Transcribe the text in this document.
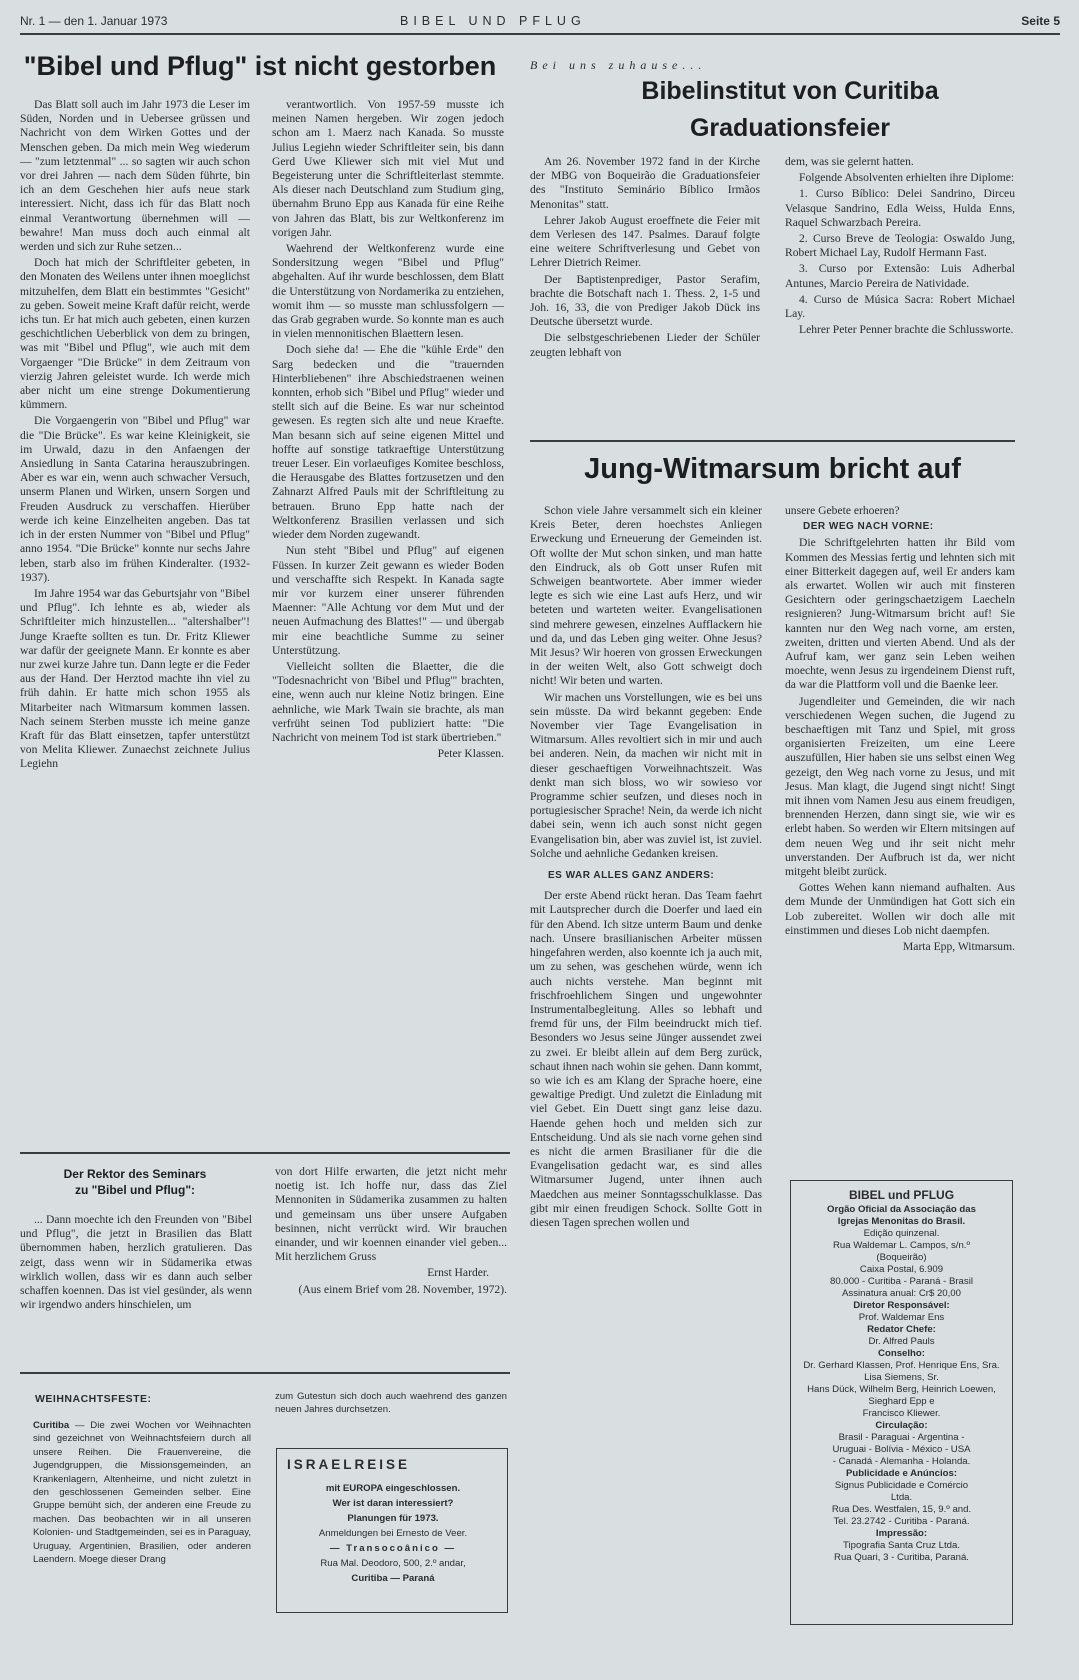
Nr. 1 — den 1. Januar 1973	BIBEL UND PFLUG	Seite 5
"Bibel und Pflug" ist nicht gestorben

Das Blatt soll auch im Jahr 1973 die Leser im Süden, Norden und in Uebersee grüssen und Nachricht von dem Wirken Gottes und der Menschen geben. Da mich mein Weg wiederum — "zum letztenmal" ... so sagten wir auch schon vor drei Jahren — nach dem Süden führte, bin ich an dem Geschehen hier aufs neue stark interessiert. Nicht, dass ich für das Blatt noch einmal Verantwortung übernehmen will — bewahre! Man muss doch auch einmal alt werden und sich zur Ruhe setzen...

Doch hat mich der Schriftleiter gebeten, in den Monaten des Weilens unter ihnen moeglichst mitzuhelfen, dem Blatt ein bestimmtes "Gesicht" zu geben. Soweit meine Kraft dafür reicht, werde ichs tun. Er hat mich auch gebeten, einen kurzen geschichtlichen Ueberblick von dem zu bringen, was mit "Bibel und Pflug", wie auch mit dem Vorgaenger "Die Brücke" in dem Zeitraum von vierzig Jahren geleistet wurde. Ich werde mich aber nicht um eine strenge Dokumentierung kümmern.

Die Vorgaengerin von "Bibel und Pflug" war die "Die Brücke". Es war keine Kleinigkeit, sie im Urwald, dazu in den Anfaengen der Ansiedlung in Santa Catarina herauszubringen. Aber es war ein, wenn auch schwacher Versuch, unserm Planen und Wirken, unsern Sorgen und Freuden Ausdruck zu verschaffen. Hierüber werde ich keine Einzelheiten angeben. Das tat ich in der ersten Nummer von "Bibel und Pflug" anno 1954. "Die Brücke" konnte nur sechs Jahre leben, starb also im frühen Kinderalter. (1932-1937).

Im Jahre 1954 war das Geburtsjahr von "Bibel und Pflug". Ich lehnte es ab, wieder als Schriftleiter mich hinzustellen... "altershalber"! Junge Kraefte sollten es tun. Dr. Fritz Kliewer war dafür der geeignete Mann. Er konnte es aber nur zwei kurze Jahre tun. Dann legte er die Feder aus der Hand. Der Herztod machte ihn viel zu früh dahin. Er hatte mich schon 1955 als Mitarbeiter nach Witmarsum kommen lassen. Nach seinem Sterben musste ich meine ganze Kraft für das Blatt einsetzen, tapfer unterstützt von Melita Kliewer. Zunaechst zeichnete Julius Legiehn

verantwortlich. Von 1957-59 musste ich meinen Namen hergeben. Wir zogen jedoch schon am 1. Maerz nach Kanada. So musste Julius Legiehn wieder Schriftleiter sein, bis dann Gerd Uwe Kliewer sich mit viel Mut und Begeisterung unter die Schriftleiterlast stemmte. Als dieser nach Deutschland zum Studium ging, übernahm Bruno Epp aus Kanada für eine Reihe von Jahren das Blatt, bis zur Weltkonferenz im vorigen Jahr.

Waehrend der Weltkonferenz wurde eine Sondersitzung wegen "Bibel und Pflug" abgehalten. Auf ihr wurde beschlossen, dem Blatt die Unterstützung von Nordamerika zu entziehen, womit ihm — so musste man schlussfolgern — das Grab gegraben wurde. So konnte man es auch in vielen mennonitischen Blaettern lesen.

Doch siehe da! — Ehe die "kühle Erde" den Sarg bedecken und die "trauernden Hinterbliebenen" ihre Abschiedstraenen weinen konnten, erhob sich "Bibel und Pflug" wieder und stellt sich auf die Beine. Es war nur scheintod gewesen. Es regten sich alte und neue Kraefte. Man besann sich auf seine eigenen Mittel und hoffte auf sonstige tatkraeftige Unterstützung treuer Leser. Ein vorlaeufiges Komitee beschloss, die Herausgabe des Blattes fortzusetzen und den Zahnarzt Alfred Pauls mit der Schriftleitung zu betrauen. Bruno Epp hatte nach der Weltkonferenz Brasilien verlassen und sich wieder dem Norden zugewandt.

Nun steht "Bibel und Pflug" auf eigenen Füssen. In kurzer Zeit gewann es wieder Boden und verschaffte sich Respekt. In Kanada sagte mir vor kurzem einer unserer führenden Maenner: "Alle Achtung vor dem Mut und der neuen Aufmachung des Blattes!" — und übergab mir eine beachtliche Summe zu seiner Unterstützung.

Vielleicht sollten die Blaetter, die die "Todesnachricht von 'Bibel und Pflug'" brachten, eine, wenn auch nur kleine Notiz bringen. Eine aehnliche, wie Mark Twain sie brachte, als man verfrüht seinen Tod publiziert hatte: "Die Nachricht von meinem Tod ist stark übertrieben."

Peter Klassen.

Bei uns zuhause...
Bibelinstitut von Curitiba
Graduationsfeier

Am 26. November 1972 fand in der Kirche der MBG von Boqueirão die Graduationsfeier des "Instituto Seminário Bíblico Irmãos Menonitas" statt.

Lehrer Jakob August eroeffnete die Feier mit dem Verlesen des 147. Psalmes. Darauf folgte eine weitere Schriftverlesung und Gebet von Lehrer Dietrich Reimer.

Der Baptistenprediger, Pastor Serafim, brachte die Botschaft nach 1. Thess. 2, 1-5 und Joh. 16, 33, die von Prediger Jakob Dück ins Deutsche übersetzt wurde.

Die selbstgeschriebenen Lieder der Schüler zeugten lebhaft von

dem, was sie gelernt hatten.

Folgende Absolventen erhielten ihre Diplome:

1. Curso Bíblico: Delei Sandrino, Dirceu Velasque Sandrino, Edla Weiss, Hulda Enns, Raquel Schwarzbach Pereira.

2. Curso Breve de Teologia: Oswaldo Jung, Robert Michael Lay, Rudolf Hermann Fast.

3. Curso por Extensão: Luis Adherbal Antunes, Marcio Pereira de Natividade.

4. Curso de Música Sacra: Robert Michael Lay.

Lehrer Peter Penner brachte die Schlussworte.

Jung-Witmarsum bricht auf

Schon viele Jahre versammelt sich ein kleiner Kreis Beter, deren hoechstes Anliegen Erweckung und Erneuerung der Gemeinden ist. Oft wollte der Mut schon sinken, und man hatte den Eindruck, als ob Gott unser Rufen mit Schweigen beantwortete. Aber immer wieder legte es sich wie eine Last aufs Herz, und wir beteten und warteten weiter. Evangelisationen sind mehrere gewesen, einzelnes Aufflackern hie und da, und das Leben ging weiter. Ohne Jesus? Mit Jesus? Wir hoeren von grossen Erweckungen in der weiten Welt, also Gott schweigt doch nicht! Wir beten und warten.

Wir machen uns Vorstellungen, wie es bei uns sein müsste. Da wird bekannt gegeben: Ende November vier Tage Evangelisation in Witmarsum. Alles revoltiert sich in mir und auch bei anderen. Nein, da machen wir nicht mit in dieser geschaeftigen Vorweihnachtszeit. Was denkt man sich bloss, wo wir sowieso vor Programme schier seufzen, und dieses noch in portugiesischer Sprache! Nein, da werde ich nicht dabei sein, wenn ich auch sonst nicht gegen Evangelisation bin, aber was zuviel ist, ist zuviel. Solche und aehnliche Gedanken kreisen.

ES WAR ALLES GANZ ANDERS:

Der erste Abend rückt heran. Das Team faehrt mit Lautsprecher durch die Doerfer und laed ein für den Abend. Ich sitze unterm Baum und denke nach. Unsere brasilianischen Arbeiter müssen hingefahren werden, also koennte ich ja auch mit, um zu sehen, was geschehen würde, wenn ich auch nichts verstehe. Man beginnt mit frischfroehlichem Singen und ungewohnter Instrumentalbegleitung. Alles so lebhaft und fremd für uns, der Film beeindruckt mich tief. Besonders wo Jesus seine Jünger aussendet zwei zu zwei. Er bleibt allein auf dem Berg zurück, schaut ihnen nach wohin sie gehen. Dann kommt, so wie ich es am Klang der Sprache hoere, eine gewaltige Predigt. Und zuletzt die Einladung mit viel Gebet. Ein Duett singt ganz leise dazu. Haende gehen hoch und melden sich zur Entscheidung. Und als sie nach vorne gehen sind es nicht die armen Brasilianer für die die Evangelisation gedacht war, es sind alles Witmarsumer Jugend, unter ihnen auch Maedchen aus meiner Sonntagsschulklasse. Das gibt mir einen freudigen Schock. Sollte Gott in diesen Tagen sprechen wollen und

unsere Gebete erhoeren?

DER WEG NACH VORNE:

Die Schriftgelehrten hatten ihr Bild vom Kommen des Messias fertig und lehnten sich mit einer Bitterkeit dagegen auf, weil Er anders kam als erwartet. Wollen wir auch mit finsteren Gesichtern oder geringschaetzigem Laecheln resignieren? Jung-Witmarsum bricht auf! Sie kannten nur den Weg nach vorne, am ersten, zweiten, dritten und vierten Abend. Und als der Aufruf kam, wer ganz sein Leben weihen moechte, wenn Jesus zu irgendeinem Dienst ruft, da war die Plattform voll und die Baenke leer.

Jugendleiter und Gemeinden, die wir nach verschiedenen Wegen suchen, die Jugend zu beschaeftigen mit Tanz und Spiel, mit gross organisierten Freizeiten, um eine Leere auszufüllen, Hier haben sie uns selbst einen Weg gezeigt, den Weg nach vorne zu Jesus, und mit Jesus. Man klagt, die Jugend singt nicht! Singt mit ihnen vom Namen Jesu aus einem freudigen, brennenden Herzen, dann singt sie, wie wir es erlebt haben. So werden wir Eltern mitsingen auf dem neuen Weg und ihr seit nicht mehr unverstanden. Der Aufbruch ist da, wer nicht mitgeht bleibt zurück.

Gottes Wehen kann niemand aufhalten. Aus dem Munde der Unmündigen hat Gott sich ein Lob zubereitet. Wollen wir doch alle mit einstimmen und dieses Lob nicht daempfen.

Marta Epp, Witmarsum.

Der Rektor des Seminars
zu "Bibel und Pflug":

... Dann moechte ich den Freunden von "Bibel und Pflug", die jetzt in Brasilien das Blatt übernommen haben, herzlich gratulieren. Das zeigt, dass wenn wir in Südamerika etwas wirklich wollen, dass wir es dann auch selber schaffen koennen. Das ist viel gesünder, als wenn wir irgendwo anders hinschielen, um

von dort Hilfe erwarten, die jetzt nicht mehr noetig ist. Ich hoffe nur, dass das Ziel Mennoniten in Südamerika zusammen zu halten und gemeinsam uns über unsere Aufgaben besinnen, nicht verrückt wird. Wir brauchen einander, und wir koennen einander viel geben... Mit herzlichem Gruss

Ernst Harder.

(Aus einem Brief vom 28. November, 1972).

WEIHNACHTSFESTE:
Curitiba — Die zwei Wochen vor Weihnachten sind gezeichnet von Weihnachtsfeiern durch all unsere Reihen. Die Frauenvereine, die Jugendgruppen, die Missionsgemeinden, an Krankenlagern, Altenheime, und nicht zuletzt in den geschlossenen Gemeinden selber. Eine Gruppe bemüht sich, der anderen eine Freude zu machen. Das beobachten wir in all unseren Kolonien- und Stadtgemeinden, sei es in Paraguay, Uruguay, Argentinien, Brasilien, oder anderen Laendern. Moege dieser Drang
zum Gutestun sich doch auch waehrend des ganzen neuen Jahres durchsetzen.
ISRAELREISE
mit EUROPA eingeschlossen.
Wer ist daran interessiert?
Planungen für 1973.
Anmeldungen bei Ernesto de Veer.
— Transocoânico —
Rua Mal. Deodoro, 500, 2.º andar,
Curitiba — Paraná
BIBEL und PFLUG
Orgão Oficial da Associação das
Igrejas Menonitas do Brasil.
Edição quinzenal.
Rua Waldemar L. Campos, s/n.º
(Boqueirão)
Caixa Postal, 6.909
80.000 - Curitiba - Paraná - Brasil
Assinatura anual: Cr$ 20,00
Diretor Responsável:
Prof. Waldemar Ens
Redator Chefe:
Dr. Alfred Pauls
Conselho:
Dr. Gerhard Klassen, Prof. Henrique Ens, Sra. Lisa Siemens, Sr.
Hans Dück, Wilhelm Berg, Heinrich Loewen, Sieghard Epp e
Francisco Kliewer.
Circulação:
Brasil - Paraguai - Argentina -
Uruguai - Bolívia - México - USA
- Canadá - Alemanha - Holanda.
Publicidade e Anúncios:
Signus Publicidade e Comércio
Ltda.
Rua Des. Westfalen, 15, 9.º and.
Tel. 23.2742 - Curitiba - Paraná.
Impressão:
Tipografia Santa Cruz Ltda.
Rua Quari, 3 - Curitiba, Paraná.
